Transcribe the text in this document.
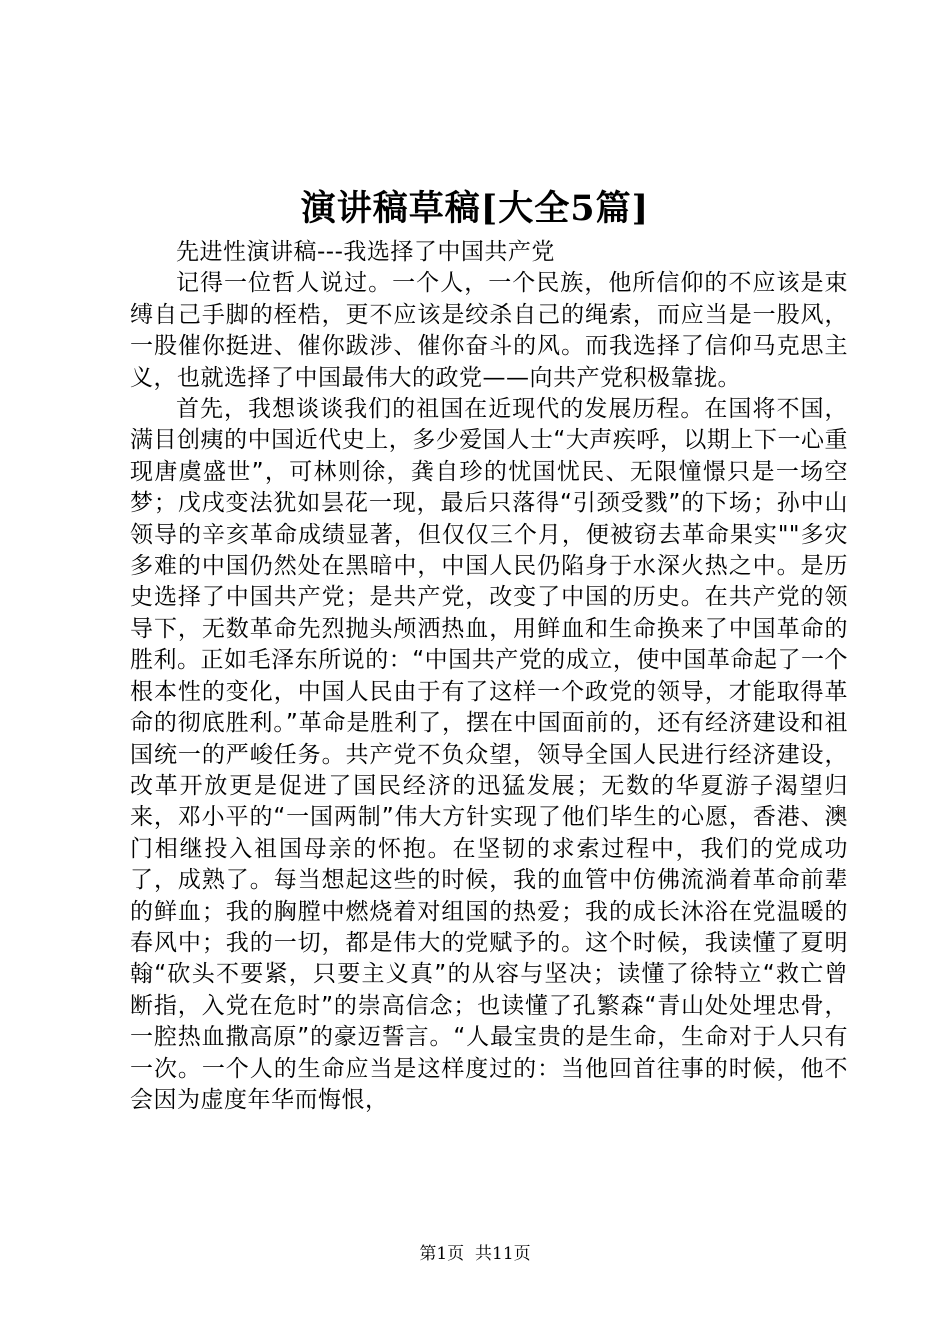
演讲稿草稿[大全5篇]

先进性演讲稿---我选择了中国共产党

记得一位哲人说过。一个人，一个民族，他所信仰的不应该是束缚自己手脚的桎梏，更不应该是绞杀自己的绳索，而应当是一股风，一股催你挺进、催你跋涉、催你奋斗的风。而我选择了信仰马克思主义，也就选择了中国最伟大的政党——向共产党积极靠拢。

首先，我想谈谈我们的祖国在近现代的发展历程。在国将不国，满目创痍的中国近代史上，多少爱国人士“大声疾呼，以期上下一心重现唐虞盛世”，可林则徐，龚自珍的忧国忧民、无限憧憬只是一场空梦；戊戌变法犹如昙花一现，最后只落得“引颈受戮”的下场；孙中山领导的辛亥革命成绩显著，但仅仅三个月，便被窃去革命果实""多灾多难的中国仍然处在黑暗中，中国人民仍陷身于水深火热之中。是历史选择了中国共产党；是共产党，改变了中国的历史。在共产党的领导下，无数革命先烈抛头颅洒热血，用鲜血和生命换来了中国革命的胜利。正如毛泽东所说的：“中国共产党的成立，使中国革命起了一个根本性的变化，中国人民由于有了这样一个政党的领导，才能取得革命的彻底胜利。”革命是胜利了，摆在中国面前的，还有经济建设和祖国统一的严峻任务。共产党不负众望，领导全国人民进行经济建设，改革开放更是促进了国民经济的迅猛发展；无数的华夏游子渴望归来，邓小平的“一国两制”伟大方针实现了他们毕生的心愿，香港、澳门相继投入祖国母亲的怀抱。在坚韧的求索过程中，我们的党成功了，成熟了。每当想起这些的时候，我的血管中仿佛流淌着革命前辈的鲜血；我的胸膛中燃烧着对组国的热爱；我的成长沐浴在党温暖的春风中；我的一切，都是伟大的党赋予的。这个时候，我读懂了夏明翰“砍头不要紧，只要主义真”的从容与坚决；读懂了徐特立“救亡曾断指，入党在危时”的崇高信念；也读懂了孔繁森“青山处处埋忠骨，一腔热血撒高原”的豪迈誓言。“人最宝贵的是生命，生命对于人只有一次。一个人的生命应当是这样度过的：当他回首往事的时候，他不会因为虚度年华而悔恨，

第1页 共11页
